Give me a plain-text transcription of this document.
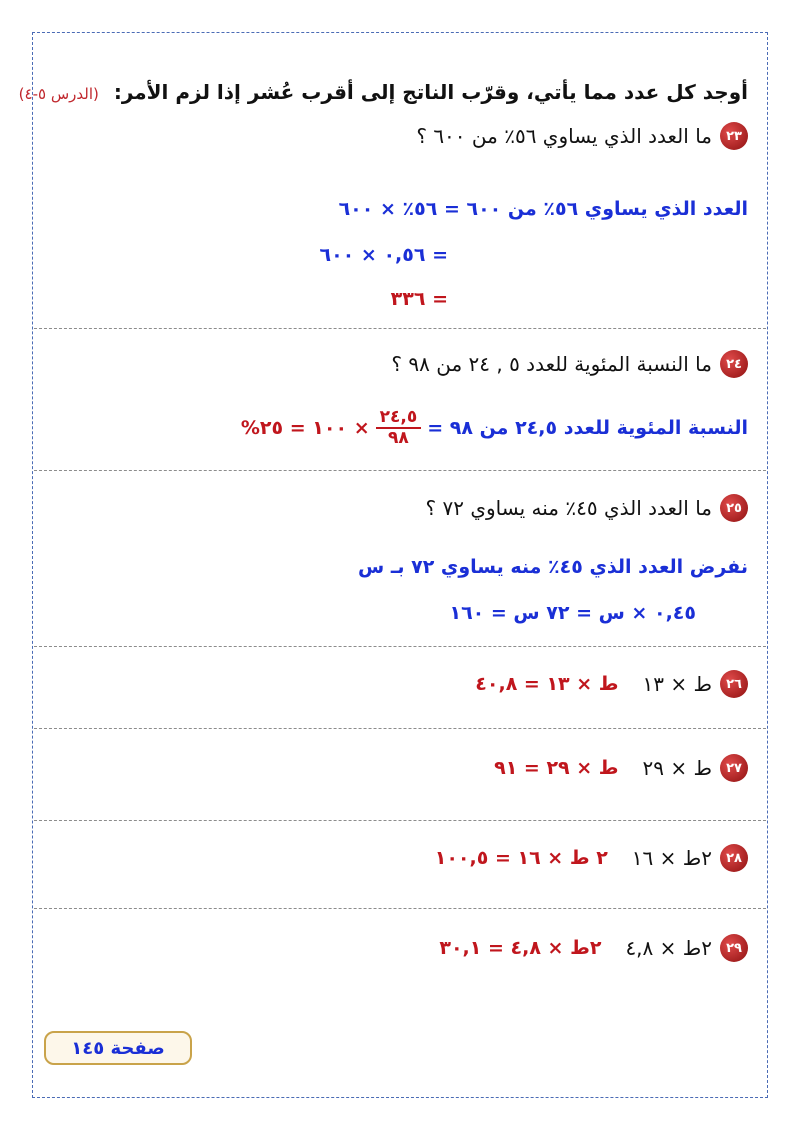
أوجد كل عدد مما يأتي، وقرّب الناتج إلى أقرب عُشر إذا لزم الأمر: (الدرس ٥-٤)
٢٣
ما العدد الذي يساوي ٥٦٪ من ٦٠٠ ؟
العدد الذي يساوي ٥٦٪ من ٦٠٠ = ٥٦٪ × ٦٠٠
= ٠,٥٦ × ٦٠٠
= ٣٣٦
٢٤
ما النسبة المئوية للعدد ٥ , ٢٤ من ٩٨ ؟
النسبة المئوية للعدد ٢٤,٥ من ٩٨ =
$\frac{٢٤,٥}{٩٨}$
× ١٠٠ = ٢٥%
٢٥
ما العدد الذي ٤٥٪ منه يساوي ٧٢ ؟
نفرض العدد الذي ٤٥٪ منه يساوي ٧٢ بـ س
٠,٤٥ × س = ٧٢ س = ١٦٠
٢٦
ط × ١٣
ط × ١٣ = ٤٠,٨
٢٧
ط × ٢٩
ط × ٢٩ = ٩١
٢٨
٢ط × ١٦
٢ ط × ١٦ = ١٠٠,٥
٢٩
٢ط × ٤,٨
٢ط × ٤,٨ = ٣٠,١
صفحة ١٤٥
